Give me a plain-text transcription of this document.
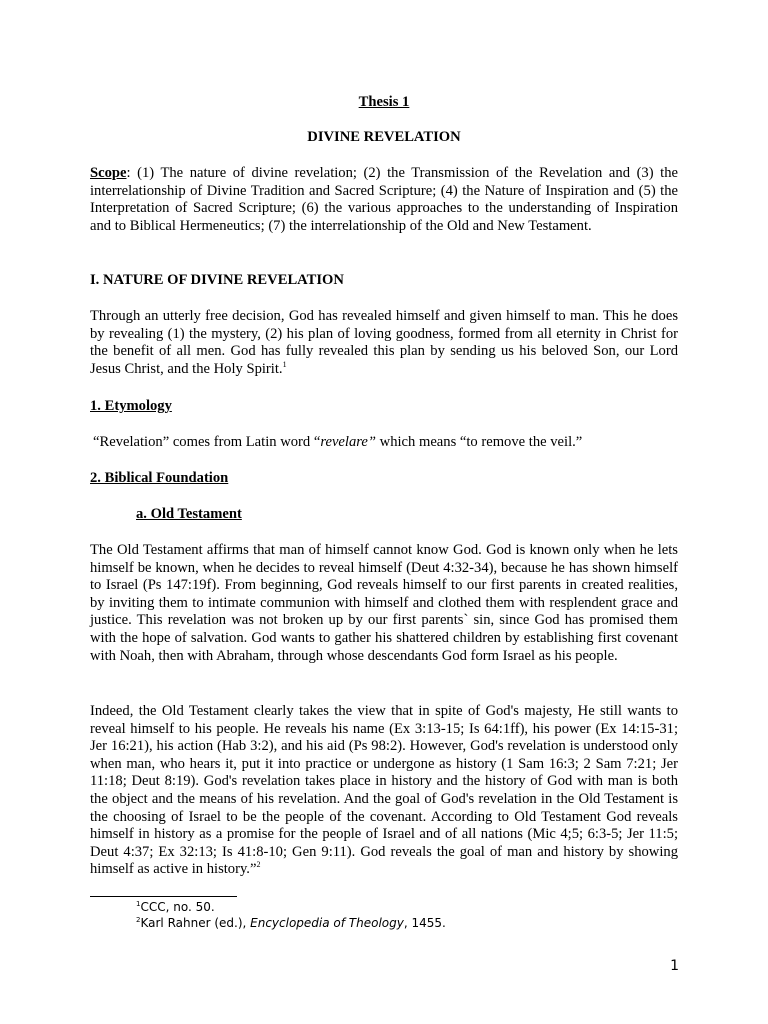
Thesis 1
DIVINE REVELATION
Scope: (1) The nature of divine revelation; (2) the Transmission of the Revelation and (3) the interrelationship of Divine Tradition and Sacred Scripture; (4) the Nature of Inspiration and (5) the Interpretation of Sacred Scripture; (6) the various approaches to the understanding of Inspiration and to Biblical Hermeneutics; (7) the interrelationship of the Old and New Testament.
I. NATURE OF DIVINE REVELATION
Through an utterly free decision, God has revealed himself and given himself to man. This he does by revealing (1) the mystery, (2) his plan of loving goodness, formed from all eternity in Christ for the benefit of all men. God has fully revealed this plan by sending us his beloved Son, our Lord Jesus Christ, and the Holy Spirit.$^1$
1. Etymology
“Revelation” comes from Latin word “revelare” which means “to remove the veil.”
2. Biblical Foundation
a. Old Testament
The Old Testament affirms that man of himself cannot know God. God is known only when he lets himself be known, when he decides to reveal himself (Deut 4:32-34), because he has shown himself to Israel (Ps 147:19f). From beginning, God reveals himself to our first parents in created realities, by inviting them to intimate communion with himself and clothed them with resplendent grace and justice. This revelation was not broken up by our first parents` sin, since God has promised them with the hope of salvation. God wants to gather his shattered children by establishing first covenant with Noah, then with Abraham, through whose descendants God form Israel as his people.
Indeed, the Old Testament clearly takes the view that in spite of God's majesty, He still wants to reveal himself to his people. He reveals his name (Ex 3:13-15; Is 64:1ff), his power (Ex 14:15-31; Jer 16:21), his action (Hab 3:2), and his aid (Ps 98:2). However, God's revelation is understood only when man, who hears it, put it into practice or undergone as history (1 Sam 16:3; 2 Sam 7:21; Jer 11:18; Deut 8:19). God's revelation takes place in history and the history of God with man is both the object and the means of his revelation. And the goal of God's revelation in the Old Testament is the choosing of Israel to be the people of the covenant. According to Old Testament God reveals himself in history as a promise for the people of Israel and of all nations (Mic 4;5; 6:3-5; Jer 11:5; Deut 4:37; Ex 32:13; Is 41:8-10; Gen 9:11). God reveals the goal of man and history by showing himself as active in history.”$^2$
$^1$CCC, no. 50.
$^2$Karl Rahner (ed.), Encyclopedia of Theology, 1455.
1
